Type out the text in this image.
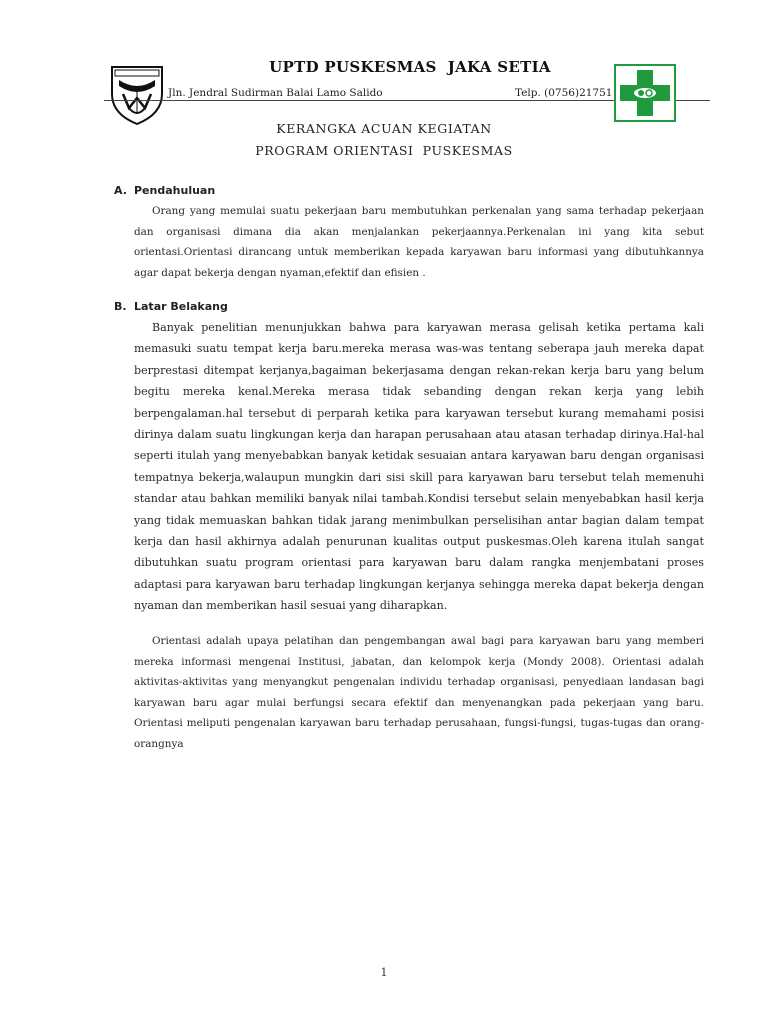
UPTD PUSKESMAS  JAKA SETIA
Jln. Jendral Sudirman Balai Lamo Salido	Telp. (0756)21751
KERANGKA ACUAN KEGIATAN
PROGRAM ORIENTASI  PUSKESMAS
A. Pendahuluan

Orang yang memulai suatu pekerjaan baru membutuhkan perkenalan yang sama terhadap pekerjaan dan organisasi dimana dia akan menjalankan pekerjaannya.Perkenalan ini yang kita sebut orientasi.Orientasi dirancang untuk memberikan kepada karyawan baru informasi yang dibutuhkannya agar dapat bekerja dengan nyaman,efektif dan efisien .

B. Latar Belakang

Banyak penelitian menunjukkan bahwa para karyawan merasa gelisah ketika pertama kali memasuki suatu tempat kerja baru.mereka merasa was-was tentang seberapa jauh mereka dapat berprestasi ditempat kerjanya,bagaiman bekerjasama dengan rekan-rekan kerja baru yang belum begitu mereka kenal.Mereka merasa tidak sebanding dengan rekan kerja yang lebih berpengalaman.hal tersebut di perparah ketika para karyawan tersebut kurang memahami posisi dirinya dalam suatu lingkungan kerja dan harapan perusahaan atau atasan terhadap dirinya.Hal-hal seperti itulah yang menyebabkan banyak ketidak sesuaian antara karyawan baru dengan organisasi tempatnya bekerja,walaupun mungkin dari sisi skill para karyawan baru tersebut telah memenuhi standar atau bahkan memiliki banyak nilai tambah.Kondisi tersebut selain menyebabkan hasil kerja yang tidak memuaskan bahkan tidak jarang menimbulkan perselisihan antar bagian dalam tempat kerja dan hasil akhirnya adalah penurunan kualitas output puskesmas.Oleh karena itulah sangat dibutuhkan suatu program orientasi para karyawan baru dalam rangka menjembatani proses adaptasi para karyawan baru terhadap lingkungan kerjanya sehingga mereka dapat bekerja dengan nyaman dan memberikan hasil sesuai yang diharapkan.

Orientasi adalah upaya pelatihan dan pengembangan awal bagi para karyawan baru yang memberi mereka informasi mengenai Institusi, jabatan, dan kelompok kerja (Mondy 2008). Orientasi adalah aktivitas-aktivitas yang menyangkut pengenalan individu terhadap organisasi, penyediaan landasan bagi karyawan baru agar mulai berfungsi secara efektif dan menyenangkan pada pekerjaan yang baru. Orientasi meliputi pengenalan karyawan baru terhadap perusahaan, fungsi-fungsi, tugas-tugas dan orang-orangnya

1
